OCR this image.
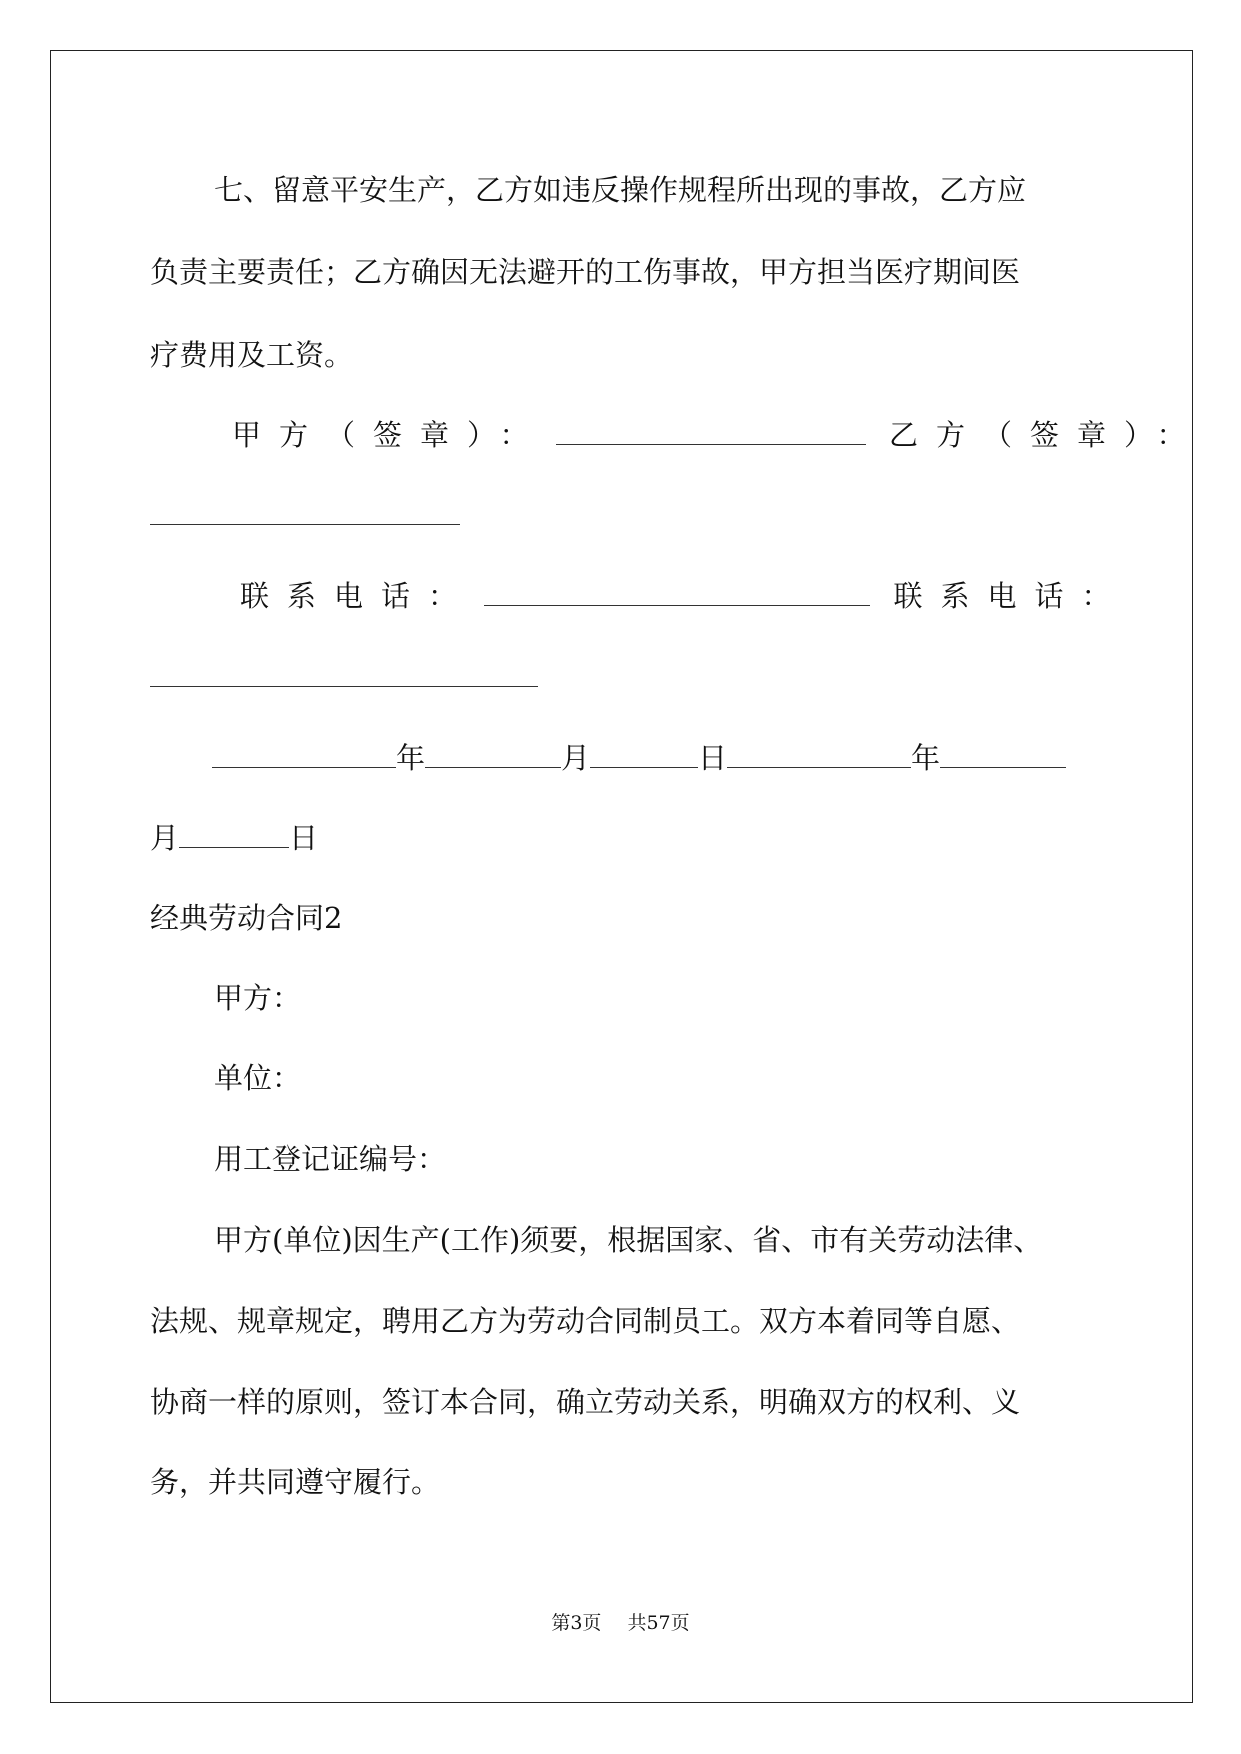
七、留意平安生产，乙方如违反操作规程所出现的事故，乙方应
负责主要责任；乙方确因无法避开的工伤事故，甲方担当医疗期间医
疗费用及工资。
甲方（签章）：	乙方（签章）：
联系电话：	联系电话：
年	月	日	年
月	日
经典劳动合同2
甲方：
单位：
用工登记证编号：
甲方(单位)因生产(工作)须要，根据国家、省、市有关劳动法律、
法规、规章规定，聘用乙方为劳动合同制员工。双方本着同等自愿、
协商一样的原则，签订本合同，确立劳动关系，明确双方的权利、义
务，并共同遵守履行。
第3页 共57页
